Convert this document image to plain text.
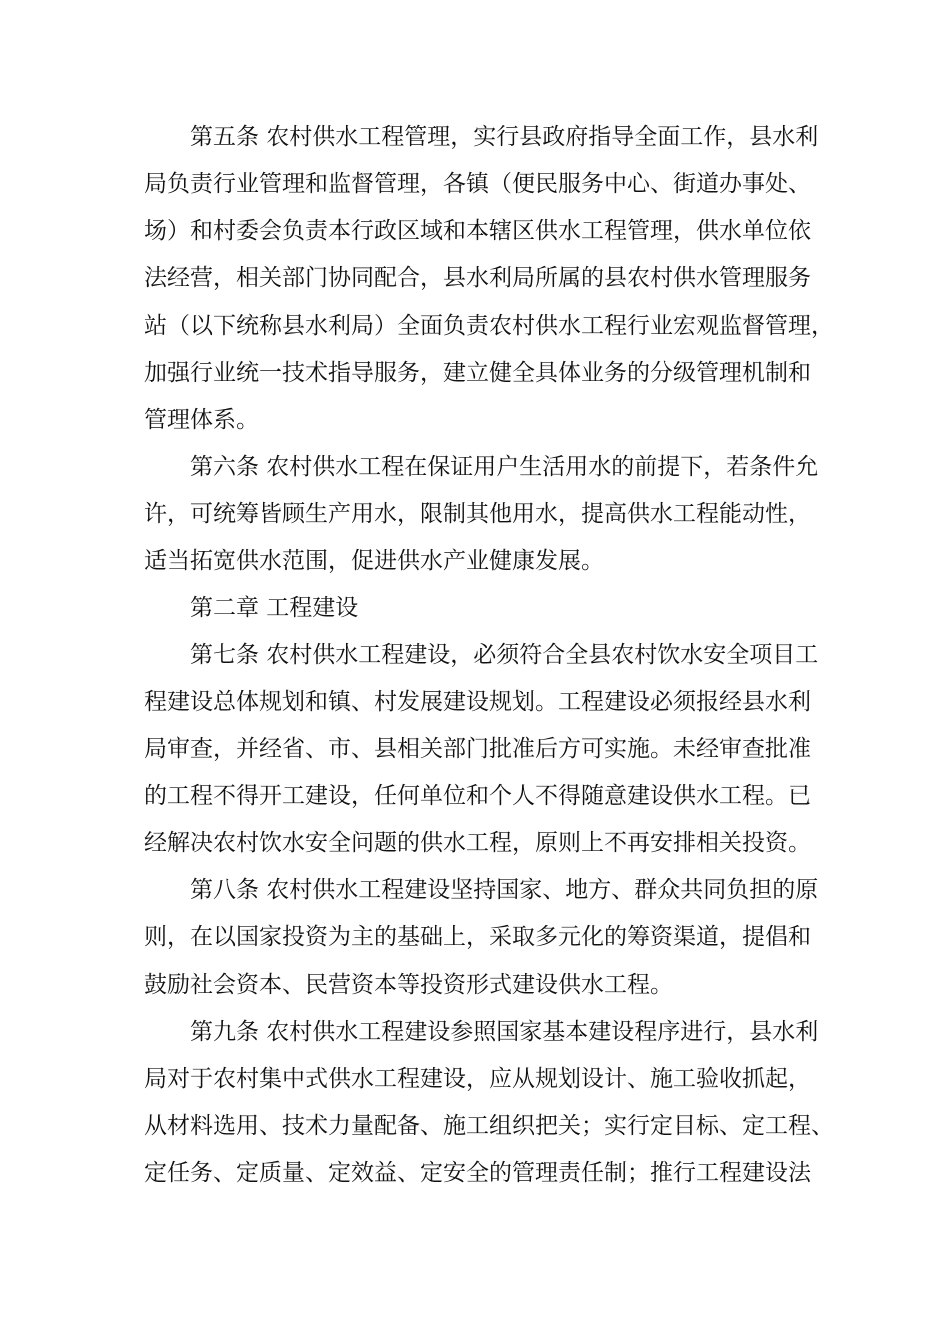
第五条 农村供水工程管理，实行县政府指导全面工作，县水利
局负责行业管理和监督管理，各镇（便民服务中心、街道办事处、
场）和村委会负责本行政区域和本辖区供水工程管理，供水单位依
法经营，相关部门协同配合，县水利局所属的县农村供水管理服务
站（以下统称县水利局）全面负责农村供水工程行业宏观监督管理，
加强行业统一技术指导服务，建立健全具体业务的分级管理机制和
管理体系。
第六条 农村供水工程在保证用户生活用水的前提下，若条件允
许，可统筹皆顾生产用水，限制其他用水，提高供水工程能动性，
适当拓宽供水范围，促进供水产业健康发展。
第二章 工程建设
第七条 农村供水工程建设，必须符合全县农村饮水安全项目工
程建设总体规划和镇、村发展建设规划。工程建设必须报经县水利
局审查，并经省、市、县相关部门批准后方可实施。未经审查批准
的工程不得开工建设，任何单位和个人不得随意建设供水工程。已
经解决农村饮水安全问题的供水工程，原则上不再安排相关投资。
第八条 农村供水工程建设坚持国家、地方、群众共同负担的原
则，在以国家投资为主的基础上，采取多元化的筹资渠道，提倡和
鼓励社会资本、民营资本等投资形式建设供水工程。
第九条 农村供水工程建设参照国家基本建设程序进行，县水利
局对于农村集中式供水工程建设，应从规划设计、施工验收抓起，
从材料选用、技术力量配备、施工组织把关；实行定目标、定工程、
定任务、定质量、定效益、定安全的管理责任制；推行工程建设法
